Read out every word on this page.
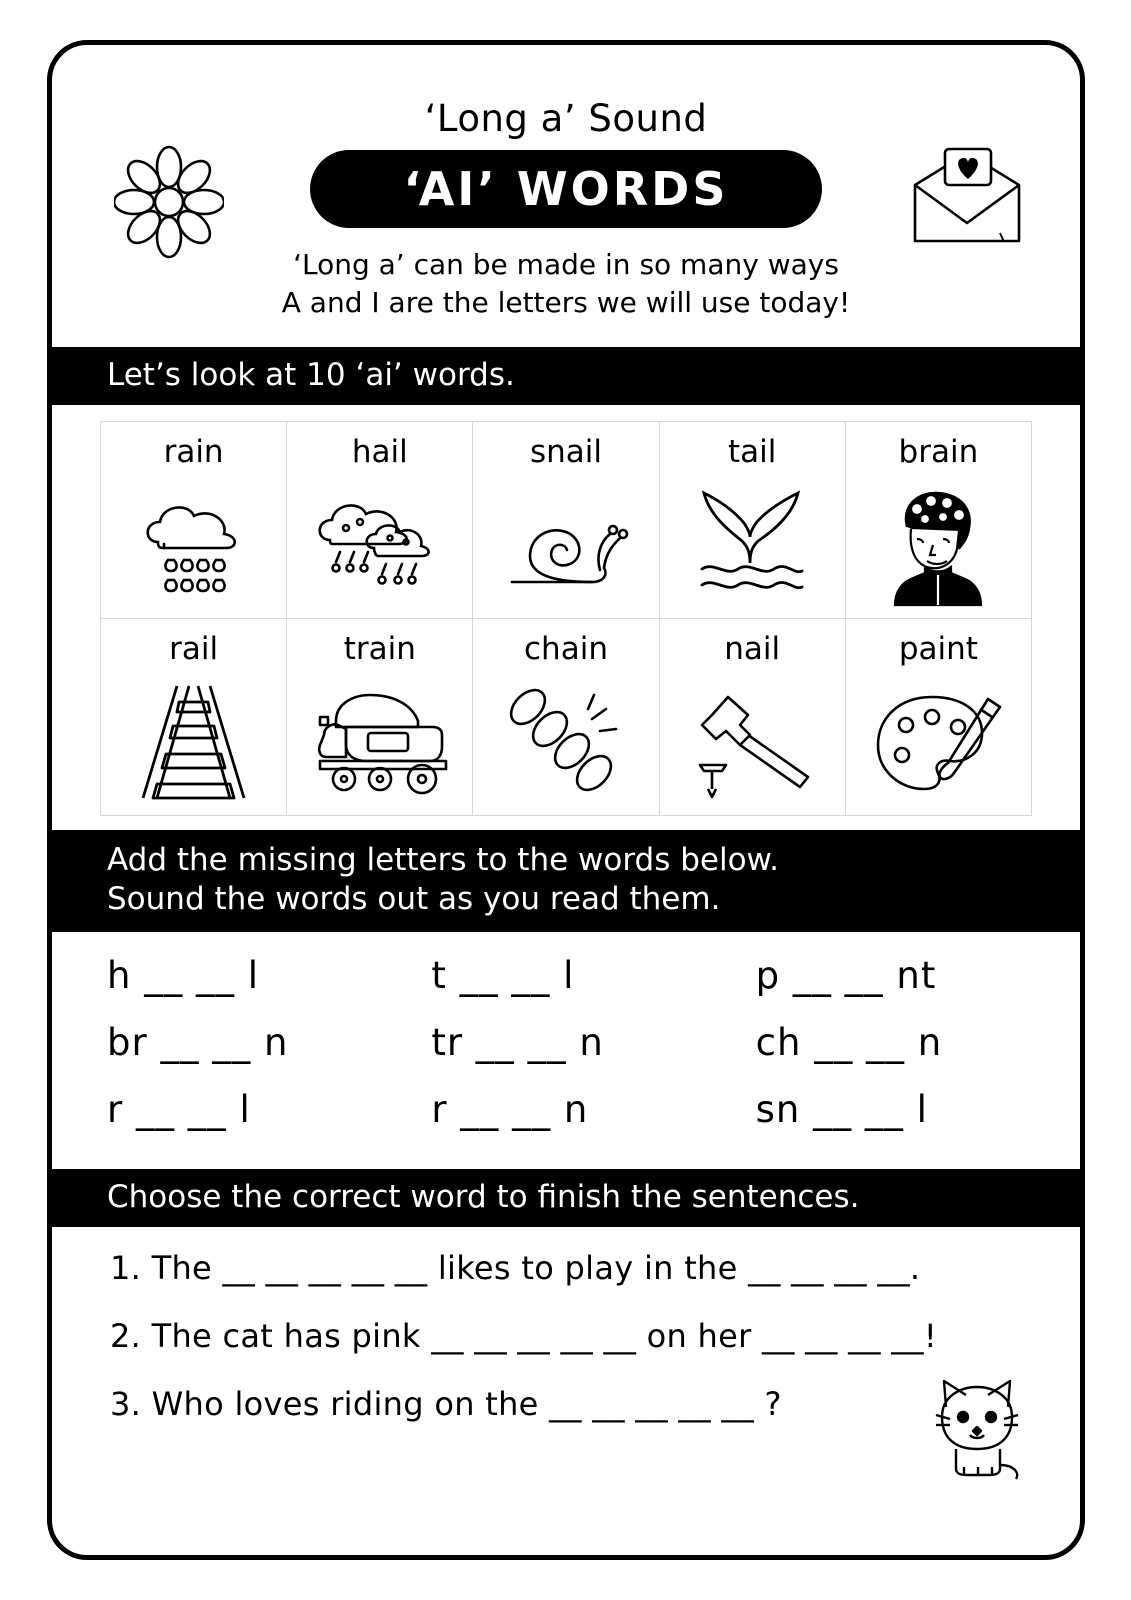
‘Long a’ Sound
‘AI’ WORDS
‘Long a’ can be made in so many ways
A and I are the letters we will use today!
Let’s look at 10 ‘ai’ words.
rain	hail	snail	tail	brain
rail	train	chain	nail	paint
Add the missing letters to the words below.
Sound the words out as you read them.
h __ __ l	t __ __ l	p __ __ nt
br __ __ n	tr __ __ n	ch __ __ n
r __ __ l	r __ __ n	sn __ __ l
Choose the correct word to finish the sentences.
1. The __ __ __ __ __ likes to play in the __ __ __ __.
2. The cat has pink __ __ __ __ __ on her __ __ __ __!
3. Who loves riding on the __ __ __ __ __ ?
